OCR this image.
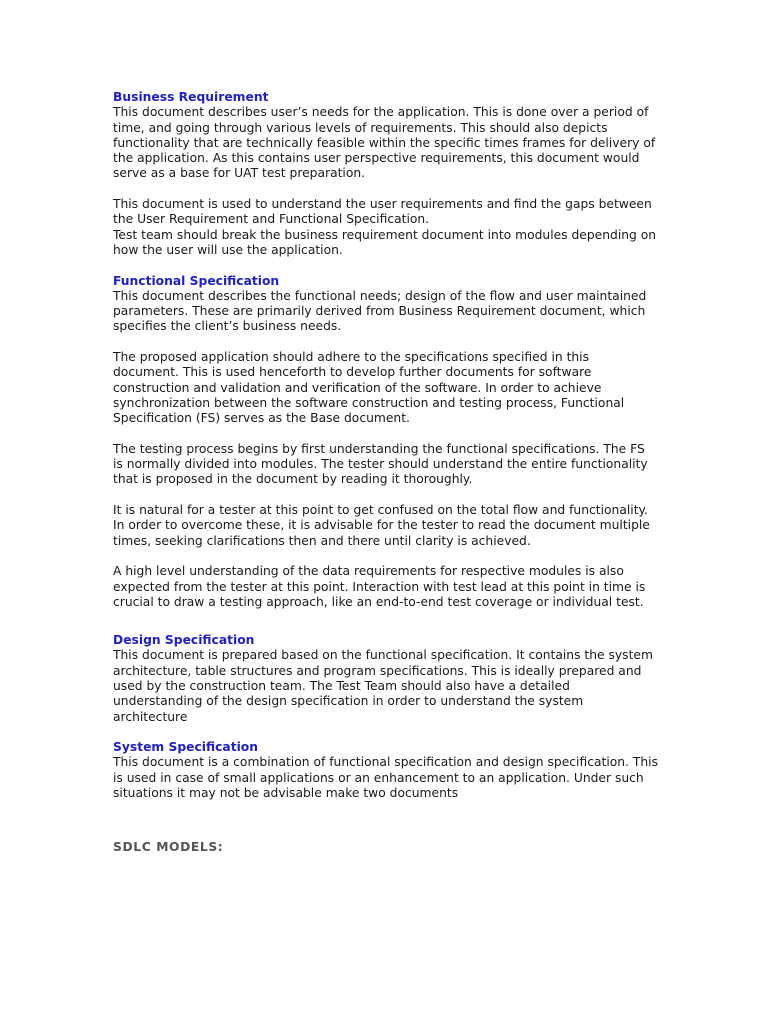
Business Requirement
This document describes user’s needs for the application. This is done over a period of time, and going through various levels of requirements. This should also depicts functionality that are technically feasible within the specific times frames for delivery of the application. As this contains user perspective requirements, this document would serve as a base for UAT test preparation.
This document is used to understand the user requirements and find the gaps between the User Requirement and Functional Specification.
Test team should break the business requirement document into modules depending on how the user will use the application.
Functional Specification
This document describes the functional needs; design of the flow and user maintained parameters. These are primarily derived from Business Requirement document, which specifies the client’s business needs.
The proposed application should adhere to the specifications specified in this document. This is used henceforth to develop further documents for software construction and validation and verification of the software. In order to achieve synchronization between the software construction and testing process, Functional Specification (FS) serves as the Base document.
The testing process begins by first understanding the functional specifications. The FS is normally divided into modules. The tester should understand the entire functionality that is proposed in the document by reading it thoroughly.
It is natural for a tester at this point to get confused on the total flow and functionality. In order to overcome these, it is advisable for the tester to read the document multiple times, seeking clarifications then and there until clarity is achieved.
A high level understanding of the data requirements for respective modules is also expected from the tester at this point. Interaction with test lead at this point in time is crucial to draw a testing approach, like an end-to-end test coverage or individual test.
Design Specification
This document is prepared based on the functional specification. It contains the system architecture, table structures and program specifications. This is ideally prepared and used by the construction team. The Test Team should also have a detailed understanding of the design specification in order to understand the system architecture
System Specification
This document is a combination of functional specification and design specification. This is used in case of small applications or an enhancement to an application. Under such situations it may not be advisable make two documents
SDLC MODELS:
